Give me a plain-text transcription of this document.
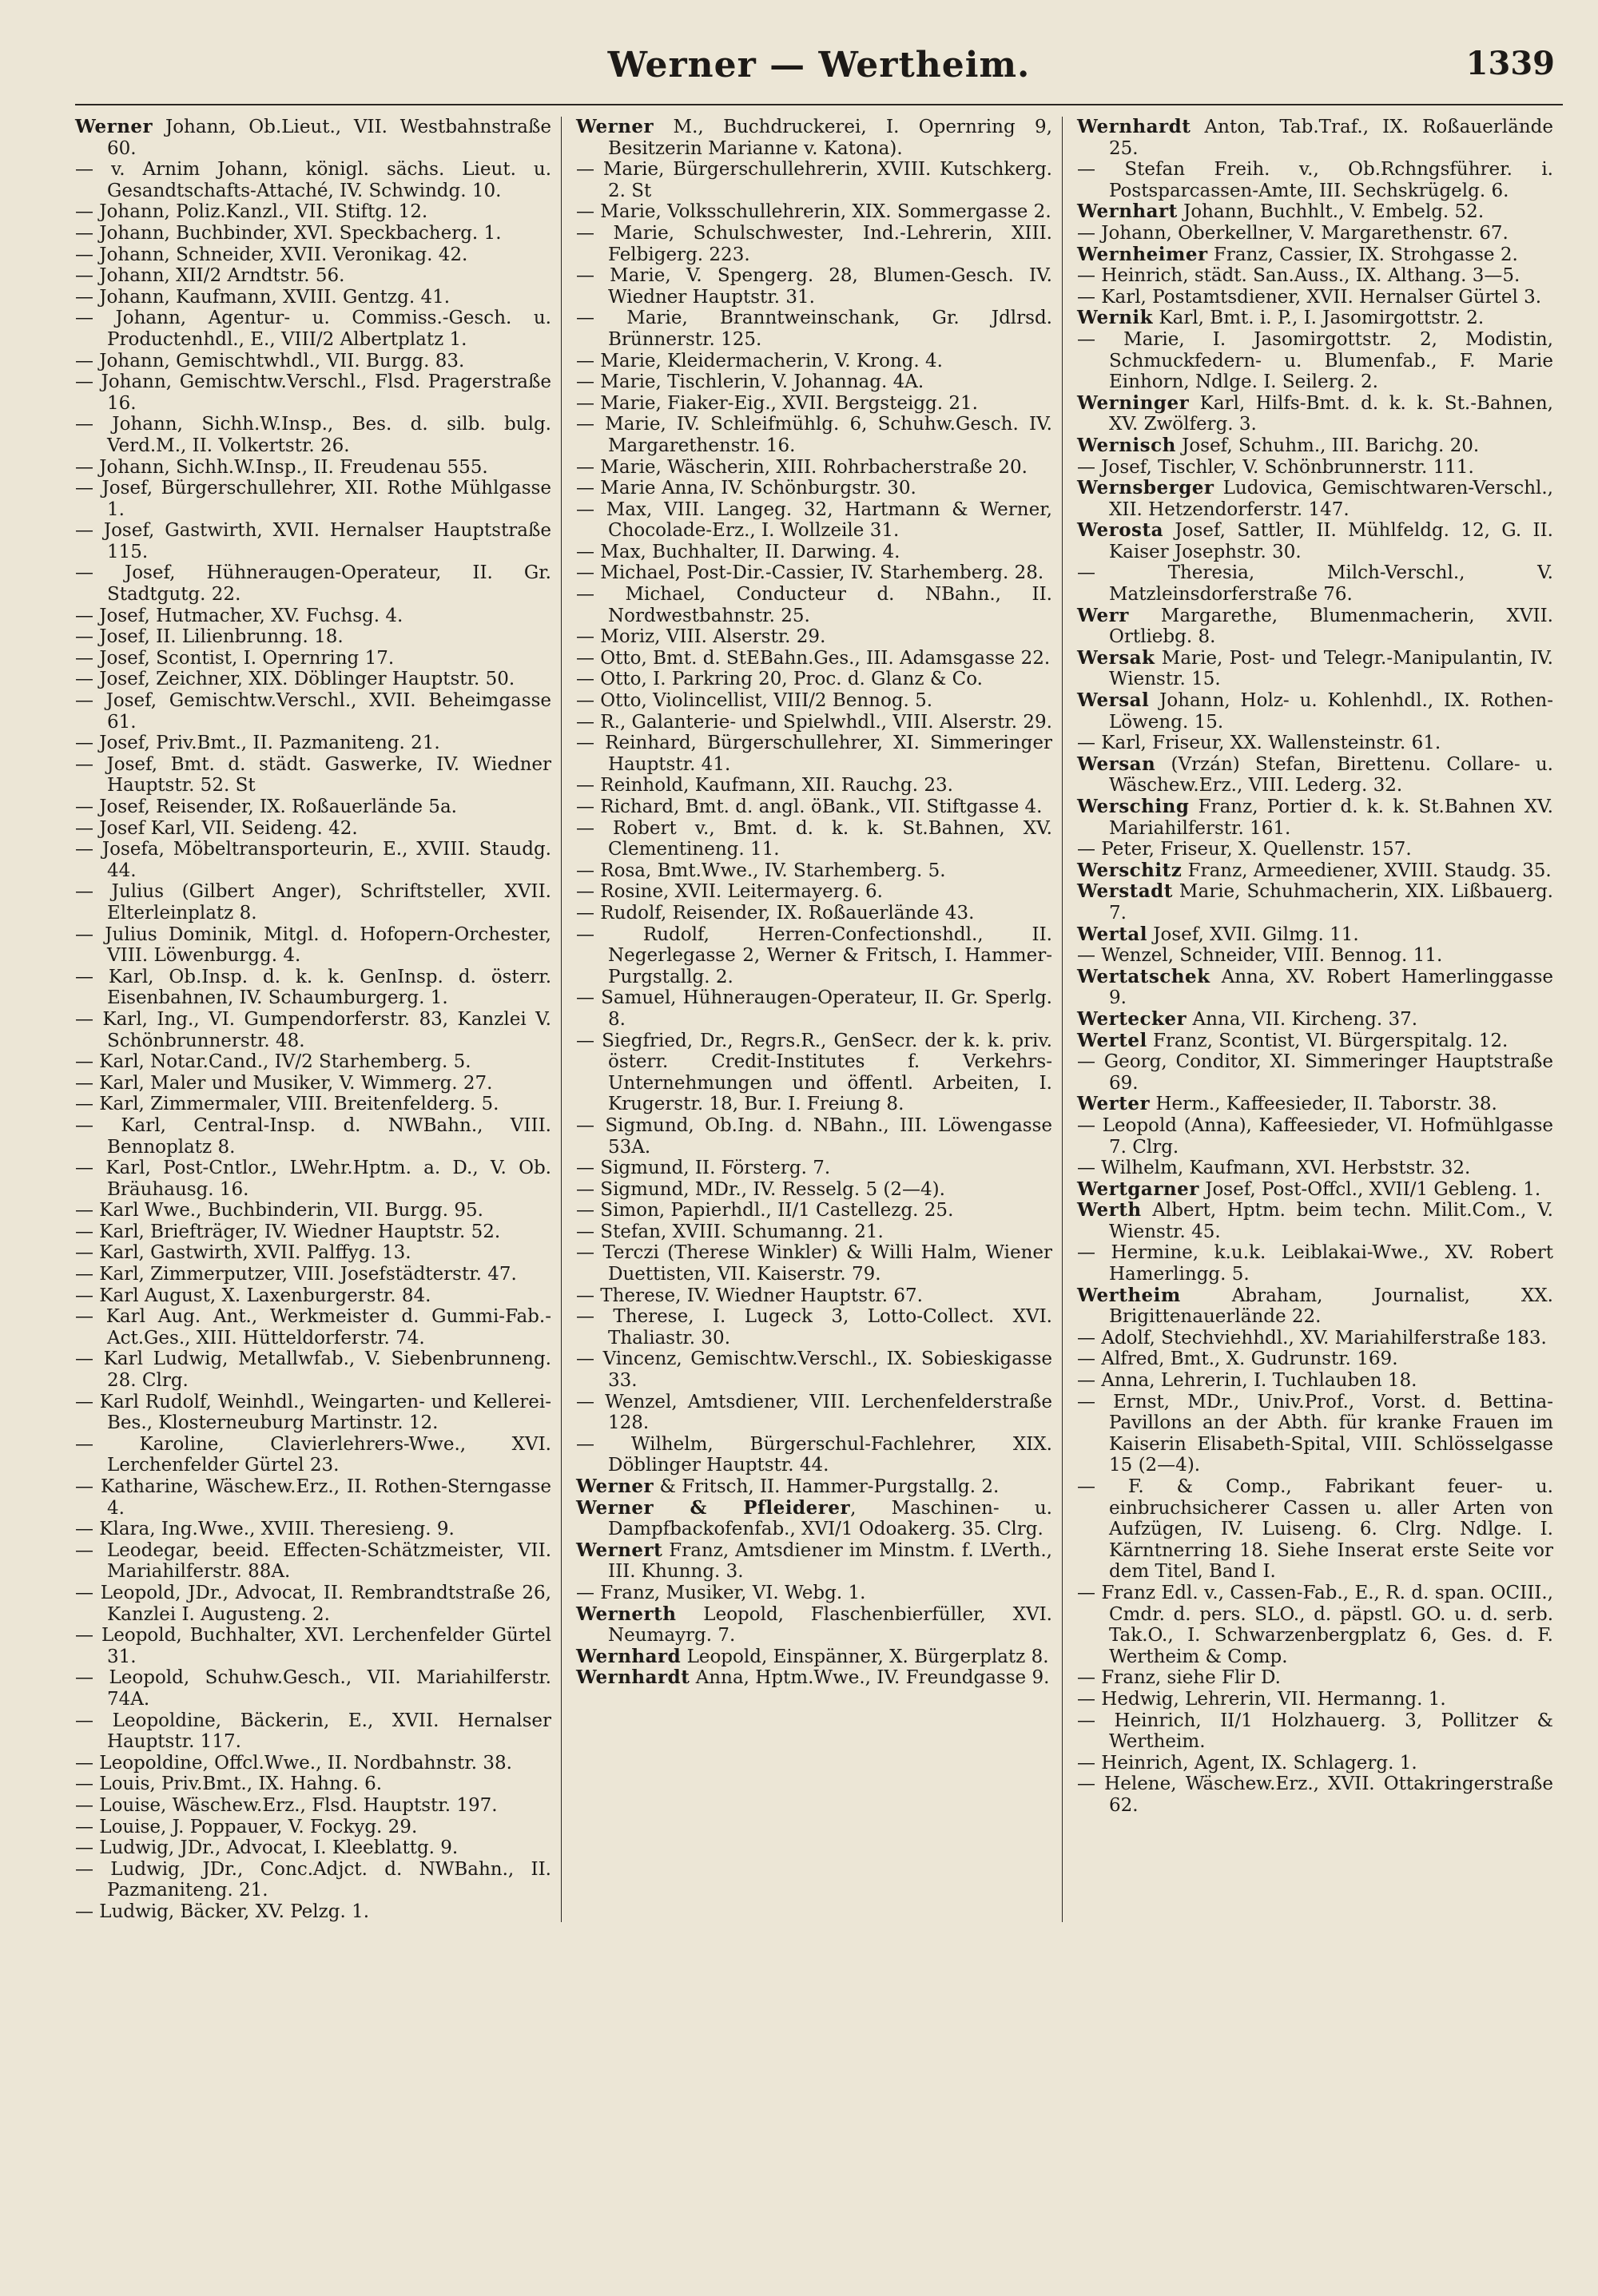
Werner — Wertheim.	1339

Werner Johann, Ob.Lieut., VII. Westbahnstraße 60.

— v. Arnim Johann, königl. sächs. Lieut. u. Gesandtschafts-Attaché, IV. Schwindg. 10.

— Johann, Poliz.Kanzl., VII. Stiftg. 12.

— Johann, Buchbinder, XVI. Speckbacherg. 1.

— Johann, Schneider, XVII. Veronikag. 42.

— Johann, XII/2 Arndtstr. 56.

— Johann, Kaufmann, XVIII. Gentzg. 41.

— Johann, Agentur- u. Commiss.-Gesch. u. Productenhdl., E., VIII/2 Albertplatz 1.

— Johann, Gemischtwhdl., VII. Burgg. 83.

— Johann, Gemischtw.Verschl., Flsd. Pragerstraße 16.

— Johann, Sichh.W.Insp., Bes. d. silb. bulg. Verd.M., II. Volkertstr. 26.

— Johann, Sichh.W.Insp., II. Freudenau 555.

— Josef, Bürgerschullehrer, XII. Rothe Mühlgasse 1.

— Josef, Gastwirth, XVII. Hernalser Hauptstraße 115.

— Josef, Hühneraugen-Operateur, II. Gr. Stadtgutg. 22.

— Josef, Hutmacher, XV. Fuchsg. 4.

— Josef, II. Lilienbrunng. 18.

— Josef, Scontist, I. Opernring 17.

— Josef, Zeichner, XIX. Döblinger Hauptstr. 50.

— Josef, Gemischtw.Verschl., XVII. Beheimgasse 61.

— Josef, Priv.Bmt., II. Pazmaniteng. 21.

— Josef, Bmt. d. städt. Gaswerke, IV. Wiedner Hauptstr. 52. St

— Josef, Reisender, IX. Roßauerlände 5a.

— Josef Karl, VII. Seideng. 42.

— Josefa, Möbeltransporteurin, E., XVIII. Staudg. 44.

— Julius (Gilbert Anger), Schriftsteller, XVII. Elterleinplatz 8.

— Julius Dominik, Mitgl. d. Hofopern-Orchester, VIII. Löwenburgg. 4.

— Karl, Ob.Insp. d. k. k. GenInsp. d. österr. Eisenbahnen, IV. Schaumburgerg. 1.

— Karl, Ing., VI. Gumpendorferstr. 83, Kanzlei V. Schönbrunnerstr. 48.

— Karl, Notar.Cand., IV/2 Starhemberg. 5.

— Karl, Maler und Musiker, V. Wimmerg. 27.

— Karl, Zimmermaler, VIII. Breitenfelderg. 5.

— Karl, Central-Insp. d. NWBahn., VIII. Bennoplatz 8.

— Karl, Post-Cntlor., LWehr.Hptm. a. D., V. Ob. Bräuhausg. 16.

— Karl Wwe., Buchbinderin, VII. Burgg. 95.

— Karl, Briefträger, IV. Wiedner Hauptstr. 52.

— Karl, Gastwirth, XVII. Palffyg. 13.

— Karl, Zimmerputzer, VIII. Josefstädterstr. 47.

— Karl August, X. Laxenburgerstr. 84.

— Karl Aug. Ant., Werkmeister d. Gummi-Fab.-Act.Ges., XIII. Hütteldorferstr. 74.

— Karl Ludwig, Metallwfab., V. Siebenbrunneng. 28. Clrg.

— Karl Rudolf, Weinhdl., Weingarten- und Kellerei-Bes., Klosterneuburg Martinstr. 12.

— Karoline, Clavierlehrers-Wwe., XVI. Lerchenfelder Gürtel 23.

— Katharine, Wäschew.Erz., II. Rothen-Sterngasse 4.

— Klara, Ing.Wwe., XVIII. Theresieng. 9.

— Leodegar, beeid. Effecten-Schätzmeister, VII. Mariahilferstr. 88A.

— Leopold, JDr., Advocat, II. Rembrandtstraße 26, Kanzlei I. Augusteng. 2.

— Leopold, Buchhalter, XVI. Lerchenfelder Gürtel 31.

— Leopold, Schuhw.Gesch., VII. Mariahilferstr. 74A.

— Leopoldine, Bäckerin, E., XVII. Hernalser Hauptstr. 117.

— Leopoldine, Offcl.Wwe., II. Nordbahnstr. 38.

— Louis, Priv.Bmt., IX. Hahng. 6.

— Louise, Wäschew.Erz., Flsd. Hauptstr. 197.

— Louise, J. Poppauer, V. Fockyg. 29.

— Ludwig, JDr., Advocat, I. Kleeblattg. 9.

— Ludwig, JDr., Conc.Adjct. d. NWBahn., II. Pazmaniteng. 21.

— Ludwig, Bäcker, XV. Pelzg. 1.

Werner M., Buchdruckerei, I. Opernring 9, Besitzerin Marianne v. Katona).

— Marie, Bürgerschullehrerin, XVIII. Kutschkerg. 2. St

— Marie, Volksschullehrerin, XIX. Sommergasse 2.

— Marie, Schulschwester, Ind.-Lehrerin, XIII. Felbigerg. 223.

— Marie, V. Spengerg. 28, Blumen-Gesch. IV. Wiedner Hauptstr. 31.

— Marie, Branntweinschank, Gr. Jdlrsd. Brünnerstr. 125.

— Marie, Kleidermacherin, V. Krong. 4.

— Marie, Tischlerin, V. Johannag. 4A.

— Marie, Fiaker-Eig., XVII. Bergsteigg. 21.

— Marie, IV. Schleifmühlg. 6, Schuhw.Gesch. IV. Margarethenstr. 16.

— Marie, Wäscherin, XIII. Rohrbacherstraße 20.

— Marie Anna, IV. Schönburgstr. 30.

— Max, VIII. Langeg. 32, Hartmann & Werner, Chocolade-Erz., I. Wollzeile 31.

— Max, Buchhalter, II. Darwing. 4.

— Michael, Post-Dir.-Cassier, IV. Starhemberg. 28.

— Michael, Conducteur d. NBahn., II. Nordwestbahnstr. 25.

— Moriz, VIII. Alserstr. 29.

— Otto, Bmt. d. StEBahn.Ges., III. Adamsgasse 22.

— Otto, I. Parkring 20, Proc. d. Glanz & Co.

— Otto, Violincellist, VIII/2 Bennog. 5.

— R., Galanterie- und Spielwhdl., VIII. Alserstr. 29.

— Reinhard, Bürgerschullehrer, XI. Simmeringer Hauptstr. 41.

— Reinhold, Kaufmann, XII. Rauchg. 23.

— Richard, Bmt. d. angl. öBank., VII. Stiftgasse 4.

— Robert v., Bmt. d. k. k. St.Bahnen, XV. Clementineng. 11.

— Rosa, Bmt.Wwe., IV. Starhemberg. 5.

— Rosine, XVII. Leitermayerg. 6.

— Rudolf, Reisender, IX. Roßauerlände 43.

— Rudolf, Herren-Confectionshdl., II. Negerlegasse 2, Werner & Fritsch, I. Hammer-Purgstallg. 2.

— Samuel, Hühneraugen-Operateur, II. Gr. Sperlg. 8.

— Siegfried, Dr., Regrs.R., GenSecr. der k. k. priv. österr. Credit-Institutes f. Verkehrs-Unternehmungen und öffentl. Arbeiten, I. Krugerstr. 18, Bur. I. Freiung 8.

— Sigmund, Ob.Ing. d. NBahn., III. Löwengasse 53A.

— Sigmund, II. Försterg. 7.

— Sigmund, MDr., IV. Resselg. 5 (2—4).

— Simon, Papierhdl., II/1 Castellezg. 25.

— Stefan, XVIII. Schumanng. 21.

— Terczi (Therese Winkler) & Willi Halm, Wiener Duettisten, VII. Kaiserstr. 79.

— Therese, IV. Wiedner Hauptstr. 67.

— Therese, I. Lugeck 3, Lotto-Collect. XVI. Thaliastr. 30.

— Vincenz, Gemischtw.Verschl., IX. Sobieskigasse 33.

— Wenzel, Amtsdiener, VIII. Lerchenfelderstraße 128.

— Wilhelm, Bürgerschul-Fachlehrer, XIX. Döblinger Hauptstr. 44.

Werner & Fritsch, II. Hammer-Purgstallg. 2.

Werner & Pfleiderer, Maschinen- u. Dampfbackofenfab., XVI/1 Odoakerg. 35. Clrg.

Wernert Franz, Amtsdiener im Minstm. f. LVerth., III. Khunng. 3.

— Franz, Musiker, VI. Webg. 1.

Wernerth Leopold, Flaschenbierfüller, XVI. Neumayrg. 7.

Wernhard Leopold, Einspänner, X. Bürgerplatz 8.

Wernhardt Anna, Hptm.Wwe., IV. Freundgasse 9.

Wernhardt Anton, Tab.Traf., IX. Roßauerlände 25.

— Stefan Freih. v., Ob.Rchngsführer. i. Postsparcassen-Amte, III. Sechskrügelg. 6.

Wernhart Johann, Buchhlt., V. Embelg. 52.

— Johann, Oberkellner, V. Margarethenstr. 67.

Wernheimer Franz, Cassier, IX. Strohgasse 2.

— Heinrich, städt. San.Auss., IX. Althang. 3—5.

— Karl, Postamtsdiener, XVII. Hernalser Gürtel 3.

Wernik Karl, Bmt. i. P., I. Jasomirgottstr. 2.

— Marie, I. Jasomirgottstr. 2, Modistin, Schmuckfedern- u. Blumenfab., F. Marie Einhorn, Ndlge. I. Seilerg. 2.

Werninger Karl, Hilfs-Bmt. d. k. k. St.-Bahnen, XV. Zwölferg. 3.

Wernisch Josef, Schuhm., III. Barichg. 20.

— Josef, Tischler, V. Schönbrunnerstr. 111.

Wernsberger Ludovica, Gemischtwaren-Verschl., XII. Hetzendorferstr. 147.

Werosta Josef, Sattler, II. Mühlfeldg. 12, G. II. Kaiser Josephstr. 30.

— Theresia, Milch-Verschl., V. Matzleinsdorferstraße 76.

Werr Margarethe, Blumenmacherin, XVII. Ortliebg. 8.

Wersak Marie, Post- und Telegr.-Manipulantin, IV. Wienstr. 15.

Wersal Johann, Holz- u. Kohlenhdl., IX. Rothen-Löweng. 15.

— Karl, Friseur, XX. Wallensteinstr. 61.

Wersan (Vrzán) Stefan, Birettenu. Collare- u. Wäschew.Erz., VIII. Lederg. 32.

Wersching Franz, Portier d. k. k. St.Bahnen XV. Mariahilferstr. 161.

— Peter, Friseur, X. Quellenstr. 157.

Werschitz Franz, Armeediener, XVIII. Staudg. 35.

Werstadt Marie, Schuhmacherin, XIX. Lißbauerg. 7.

Wertal Josef, XVII. Gilmg. 11.

— Wenzel, Schneider, VIII. Bennog. 11.

Wertatschek Anna, XV. Robert Hamerlinggasse 9.

Wertecker Anna, VII. Kircheng. 37.

Wertel Franz, Scontist, VI. Bürgerspitalg. 12.

— Georg, Conditor, XI. Simmeringer Hauptstraße 69.

Werter Herm., Kaffeesieder, II. Taborstr. 38.

— Leopold (Anna), Kaffeesieder, VI. Hofmühlgasse 7. Clrg.

— Wilhelm, Kaufmann, XVI. Herbststr. 32.

Wertgarner Josef, Post-Offcl., XVII/1 Gebleng. 1.

Werth Albert, Hptm. beim techn. Milit.Com., V. Wienstr. 45.

— Hermine, k.u.k. Leiblakai-Wwe., XV. Robert Hamerlingg. 5.

Wertheim Abraham, Journalist, XX. Brigittenauerlände 22.

— Adolf, Stechviehhdl., XV. Mariahilferstraße 183.

— Alfred, Bmt., X. Gudrunstr. 169.

— Anna, Lehrerin, I. Tuchlauben 18.

— Ernst, MDr., Univ.Prof., Vorst. d. Bettina-Pavillons an der Abth. für kranke Frauen im Kaiserin Elisabeth-Spital, VIII. Schlösselgasse 15 (2—4).

— F. & Comp., Fabrikant feuer- u. einbruchsicherer Cassen u. aller Arten von Aufzügen, IV. Luiseng. 6. Clrg. Ndlge. I. Kärntnerring 18. Siehe Inserat erste Seite vor dem Titel, Band I.

— Franz Edl. v., Cassen-Fab., E., R. d. span. OCIII., Cmdr. d. pers. SLO., d. päpstl. GO. u. d. serb. Tak.O., I. Schwarzenbergplatz 6, Ges. d. F. Wertheim & Comp.

— Franz, siehe Flir D.

— Hedwig, Lehrerin, VII. Hermanng. 1.

— Heinrich, II/1 Holzhauerg. 3, Pollitzer & Wertheim.

— Heinrich, Agent, IX. Schlagerg. 1.

— Helene, Wäschew.Erz., XVII. Ottakringerstraße 62.
